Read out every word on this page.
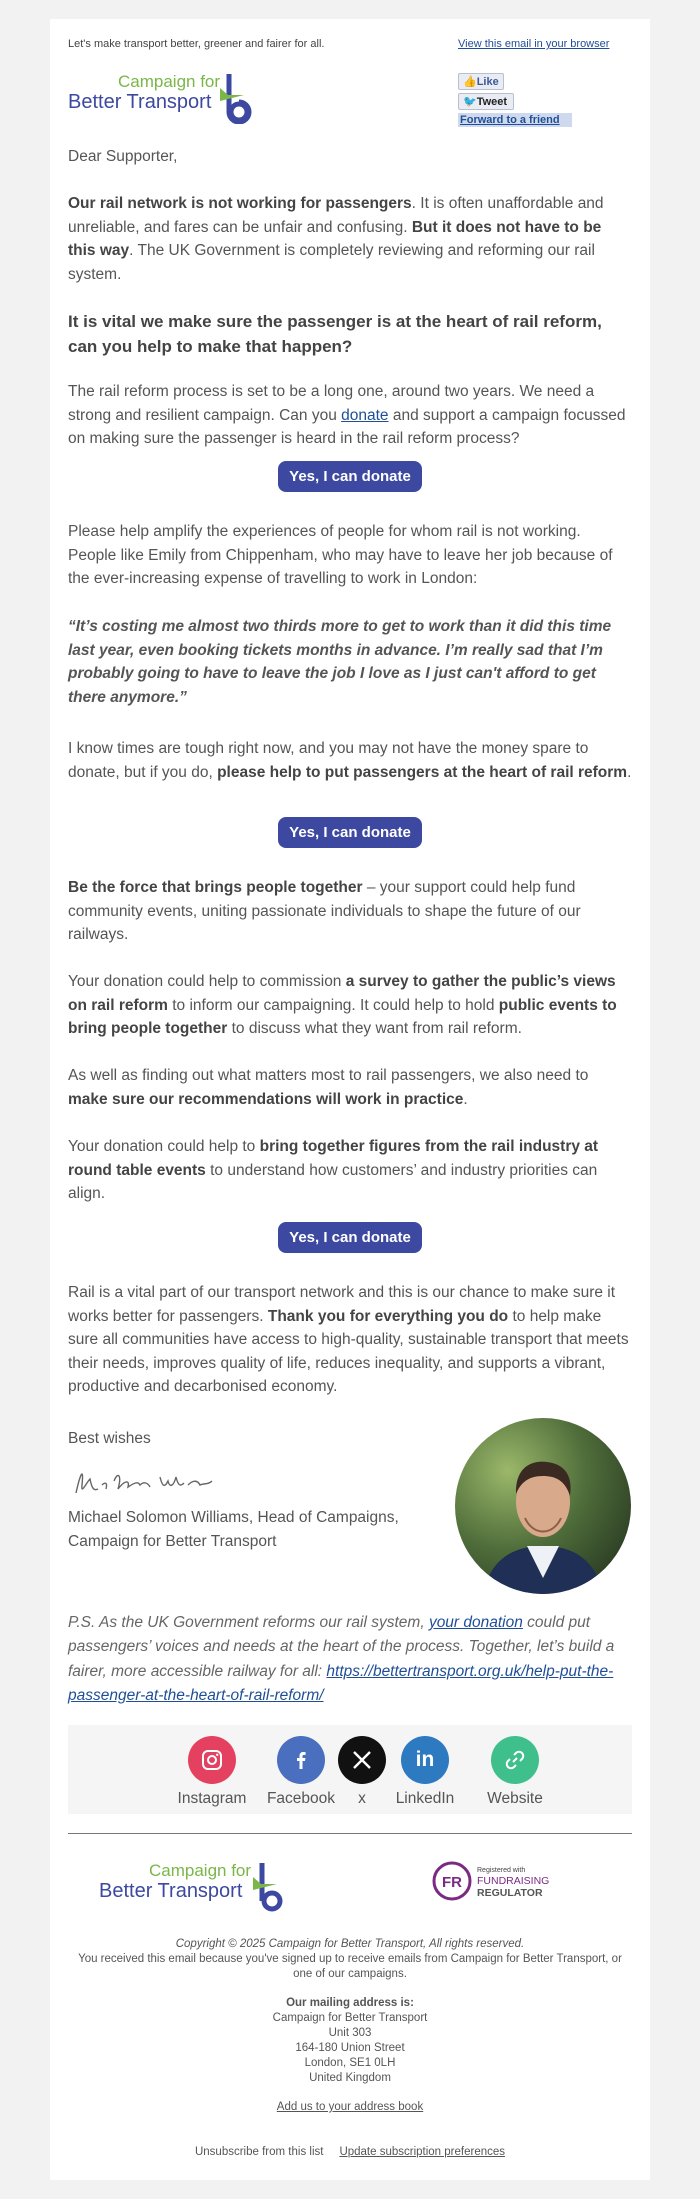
Let's make transport better, greener and fairer for all.	View this email in your browser
Campaign for
Better Transport
👍Like
🐦Tweet
Forward to a friend
Dear Supporter,
Our rail network is not working for passengers. It is often unaffordable and unreliable, and fares can be unfair and confusing. But it does not have to be this way. The UK Government is completely reviewing and reforming our rail system.
It is vital we make sure the passenger is at the heart of rail reform, can you help to make that happen?
The rail reform process is set to be a long one, around two years. We need a strong and resilient campaign. Can you donate and support a campaign focussed on making sure the passenger is heard in the rail reform process?
Yes, I can donate
Please help amplify the experiences of people for whom rail is not working. People like Emily from Chippenham, who may have to leave her job because of the ever-increasing expense of travelling to work in London:
“It’s costing me almost two thirds more to get to work than it did this time last year, even booking tickets months in advance. I’m really sad that I’m probably going to have to leave the job I love as I just can't afford to get there anymore.”
I know times are tough right now, and you may not have the money spare to donate, but if you do, please help to put passengers at the heart of rail reform.
Yes, I can donate
Be the force that brings people together – your support could help fund community events, uniting passionate individuals to shape the future of our railways.
Your donation could help to commission a survey to gather the public’s views on rail reform to inform our campaigning. It could help to hold public events to bring people together to discuss what they want from rail reform.
As well as finding out what matters most to rail passengers, we also need to make sure our recommendations will work in practice.
Your donation could help to bring together figures from the rail industry at round table events to understand how customers’ and industry priorities can align.
Yes, I can donate
Rail is a vital part of our transport network and this is our chance to make sure it works better for passengers. Thank you for everything you do to help make sure all communities have access to high-quality, sustainable transport that meets their needs, improves quality of life, reduces inequality, and supports a vibrant, productive and decarbonised economy.
Best wishes
Michael Solomon Williams, Head of Campaigns, Campaign for Better Transport
P.S. As the UK Government reforms our rail system, your donation could put passengers’ voices and needs at the heart of the process. Together, let’s build a fairer, more accessible railway for all: https://bettertransport.org.uk/help-put-the-passenger-at-the-heart-of-rail-reform/
Instagram	Facebook	x
in
LinkedIn	Website
Campaign for
Better Transport	FR
Registered with
FUNDRAISING
REGULATOR
Copyright © 2025 Campaign for Better Transport, All rights reserved.
You received this email because you've signed up to receive emails from Campaign for Better Transport, or one of our campaigns.
Our mailing address is:
Campaign for Better Transport
Unit 303
164-180 Union Street
London, SE1 0LH
United Kingdom
Add us to your address book
Unsubscribe from this list Update subscription preferences
